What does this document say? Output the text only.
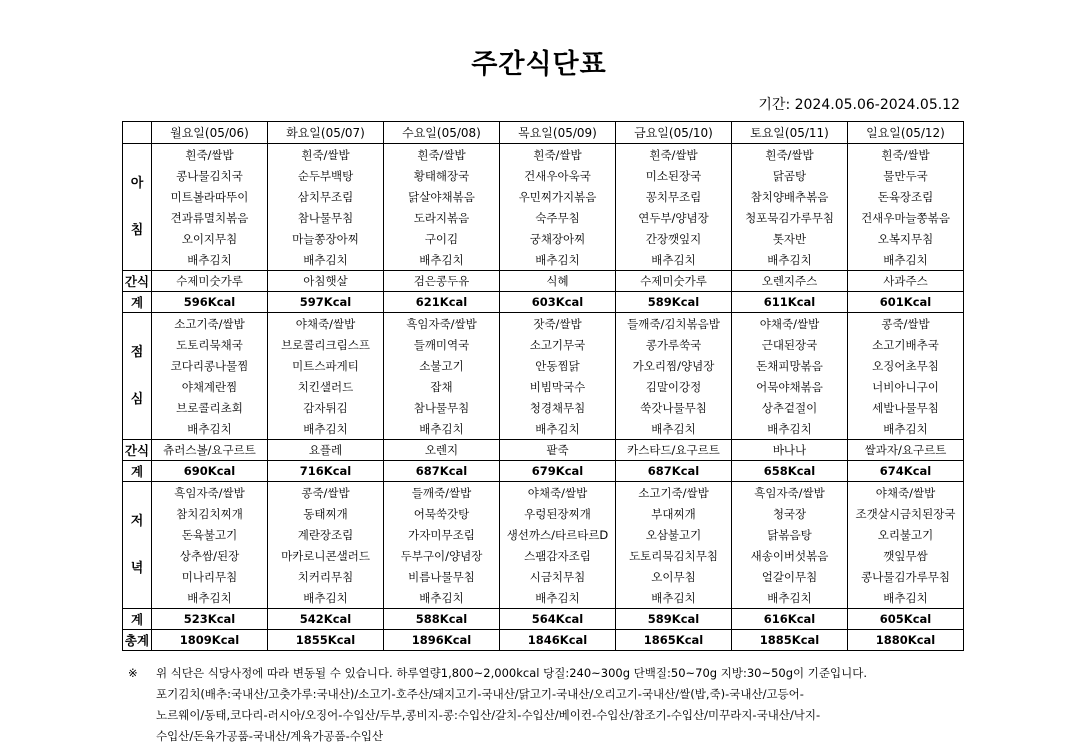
주간식단표
기간: 2024.05.06-2024.05.12
	월요일(05/06)	화요일(05/07)	수요일(05/08)	목요일(05/09)	금요일(05/10)	토요일(05/11)	일요일(05/12)
아

침	흰죽/쌀밥	흰죽/쌀밥	흰죽/쌀밥	흰죽/쌀밥	흰죽/쌀밥	흰죽/쌀밥	흰죽/쌀밥
	콩나물김치국	순두부백탕	황태해장국	건새우아욱국	미소된장국	닭곰탕	물만두국
	미트볼라따뚜이	삼치무조림	닭살야채볶음	우민찌가지볶음	꽁치무조림	참치양배추볶음	돈육장조림
	견과류멸치볶음	참나물무침	도라지볶음	숙주무침	연두부/양념장	청포묵김가루무침	건새우마늘쫑볶음
	오이지무침	마늘쫑장아찌	구이김	궁채장아찌	간장깻잎지	톳자반	오복지무침
	배추김치	배추김치	배추김치	배추김치	배추김치	배추김치	배추김치
간식	수제미숫가루	아침햇살	검은콩두유	식혜	수제미숫가루	오렌지주스	사과주스
계	596Kcal	597Kcal	621Kcal	603Kcal	589Kcal	611Kcal	601Kcal
점

심	소고기죽/쌀밥	야채죽/쌀밥	흑임자죽/쌀밥	잣죽/쌀밥	들깨죽/김치볶음밥	야채죽/쌀밥	콩죽/쌀밥
	도토리묵채국	브로콜리크림스프	들깨미역국	소고기무국	콩가루쑥국	근대된장국	소고기배추국
	코다리콩나물찜	미트스파게티	소불고기	안동찜닭	가오리찜/양념장	돈채피망볶음	오징어초무침
	야채계란찜	치킨샐러드	잡채	비빔막국수	김말이강정	어묵야채볶음	너비아니구이
	브로콜리초회	감자튀김	참나물무침	청경채무침	쑥갓나물무침	상추겉절이	세발나물무침
	배추김치	배추김치	배추김치	배추김치	배추김치	배추김치	배추김치
간식	츄러스볼/요구르트	요플레	오렌지	팥죽	카스타드/요구르트	바나나	쌀과자/요구르트
계	690Kcal	716Kcal	687Kcal	679Kcal	687Kcal	658Kcal	674Kcal
저

녁	흑임자죽/쌀밥	콩죽/쌀밥	들깨죽/쌀밥	야채죽/쌀밥	소고기죽/쌀밥	흑임자죽/쌀밥	야채죽/쌀밥
	참치김치찌개	동태찌개	어묵쑥갓탕	우렁된장찌개	부대찌개	청국장	조갯살시금치된장국
	돈육불고기	계란장조림	가자미무조림	생선까스/타르타르D	오삼불고기	닭볶음탕	오리불고기
	상추쌈/된장	마카로니콘샐러드	두부구이/양념장	스팸감자조림	도토리묵김치무침	새송이버섯볶음	깻잎무쌈
	미나리무침	치커리무침	비름나물무침	시금치무침	오이무침	얼갈이무침	콩나물김가루무침
	배추김치	배추김치	배추김치	배추김치	배추김치	배추김치	배추김치
계	523Kcal	542Kcal	588Kcal	564Kcal	589Kcal	616Kcal	605Kcal
총계	1809Kcal	1855Kcal	1896Kcal	1846Kcal	1865Kcal	1885Kcal	1880Kcal
※	위 식단은 식당사정에 따라 변동될 수 있습니다. 하루열량1,800~2,000kcal 당질:240~300g 단백질:50~70g 지방:30~50g이 기준입니다.
포기김치(배추:국내산/고춧가루:국내산)/소고기-호주산/돼지고기-국내산/닭고기-국내산/오리고기-국내산/쌀(밥,죽)-국내산/고등어-
노르웨이/동태,코다리-러시아/오징어-수입산/두부,콩비지-콩:수입산/갈치-수입산/베이컨-수입산/참조기-수입산/미꾸라지-국내산/낙지-
수입산/돈육가공품-국내산/계육가공품-수입산
